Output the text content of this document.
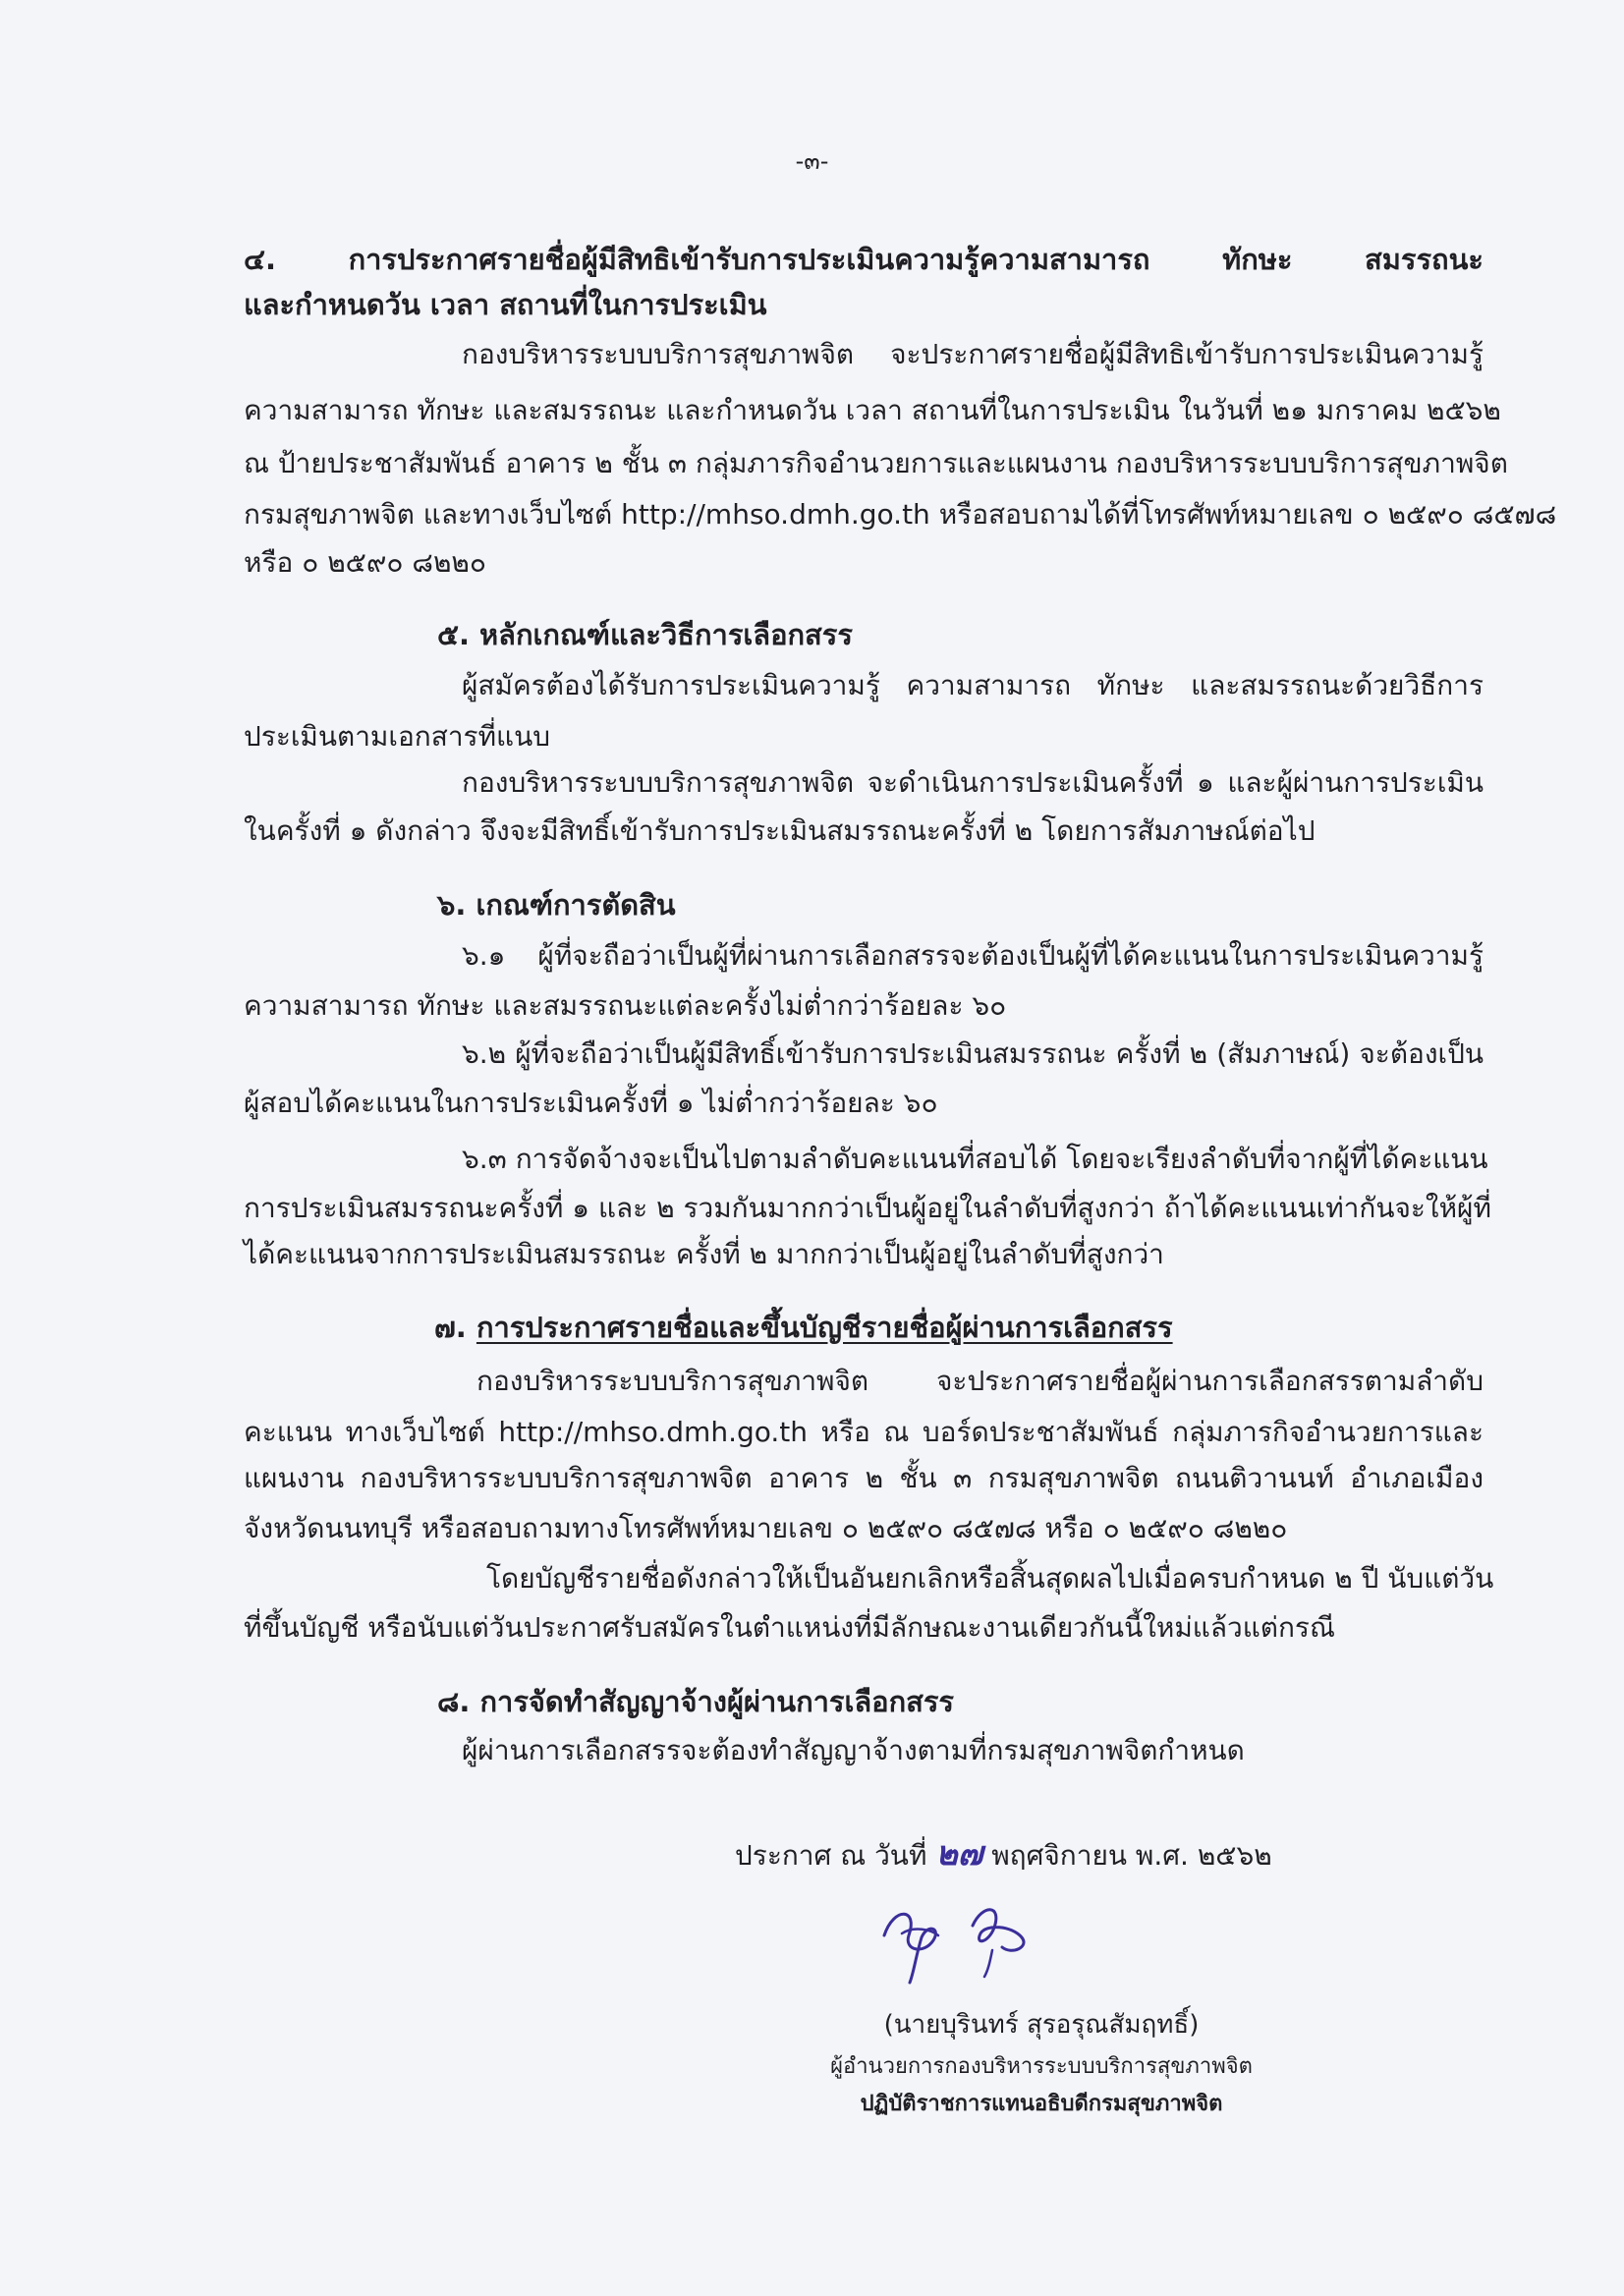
-๓-
๔. การประกาศรายชื่อผู้มีสิทธิเข้ารับการประเมินความรู้ความสามารถ ทักษะ สมรรถนะ
และกำหนดวัน เวลา สถานที่ในการประเมิน
กองบริหารระบบบริการสุขภาพจิต จะประกาศรายชื่อผู้มีสิทธิเข้ารับการประเมินความรู้
ความสามารถ ทักษะ และสมรรถนะ และกำหนดวัน เวลา สถานที่ในการประเมิน ในวันที่ ๒๑ มกราคม ๒๕๖๒
ณ ป้ายประชาสัมพันธ์ อาคาร ๒ ชั้น ๓ กลุ่มภารกิจอำนวยการและแผนงาน กองบริหารระบบบริการสุขภาพจิต
กรมสุขภาพจิต และทางเว็บไซต์ http://mhso.dmh.go.th หรือสอบถามได้ที่โทรศัพท์หมายเลข ๐ ๒๕๙๐ ๘๕๗๘
หรือ ๐ ๒๕๙๐ ๘๒๒๐
๕. หลักเกณฑ์และวิธีการเลือกสรร
ผู้สมัครต้องได้รับการประเมินความรู้ ความสามารถ ทักษะ และสมรรถนะด้วยวิธีการ
ประเมินตามเอกสารที่แนบ
กองบริหารระบบบริการสุขภาพจิต จะดำเนินการประเมินครั้งที่ ๑ และผู้ผ่านการประเมิน
ในครั้งที่ ๑ ดังกล่าว จึงจะมีสิทธิ์เข้ารับการประเมินสมรรถนะครั้งที่ ๒ โดยการสัมภาษณ์ต่อไป
๖. เกณฑ์การตัดสิน
๖.๑ ผู้ที่จะถือว่าเป็นผู้ที่ผ่านการเลือกสรรจะต้องเป็นผู้ที่ได้คะแนนในการประเมินความรู้
ความสามารถ ทักษะ และสมรรถนะแต่ละครั้งไม่ต่ำกว่าร้อยละ ๖๐
๖.๒ ผู้ที่จะถือว่าเป็นผู้มีสิทธิ์เข้ารับการประเมินสมรรถนะ ครั้งที่ ๒ (สัมภาษณ์) จะต้องเป็น
ผู้สอบได้คะแนนในการประเมินครั้งที่ ๑ ไม่ต่ำกว่าร้อยละ ๖๐
๖.๓ การจัดจ้างจะเป็นไปตามลำดับคะแนนที่สอบได้ โดยจะเรียงลำดับที่จากผู้ที่ได้คะแนน
การประเมินสมรรถนะครั้งที่ ๑ และ ๒ รวมกันมากกว่าเป็นผู้อยู่ในลำดับที่สูงกว่า ถ้าได้คะแนนเท่ากันจะให้ผู้ที่
ได้คะแนนจากการประเมินสมรรถนะ ครั้งที่ ๒ มากกว่าเป็นผู้อยู่ในลำดับที่สูงกว่า
๗. การประกาศรายชื่อและขึ้นบัญชีรายชื่อผู้ผ่านการเลือกสรร
กองบริหารระบบบริการสุขภาพจิต จะประกาศรายชื่อผู้ผ่านการเลือกสรรตามลำดับ
คะแนน ทางเว็บไซต์ http://mhso.dmh.go.th หรือ ณ บอร์ดประชาสัมพันธ์ กลุ่มภารกิจอำนวยการและ
แผนงาน กองบริหารระบบบริการสุขภาพจิต อาคาร ๒ ชั้น ๓ กรมสุขภาพจิต ถนนติวานนท์ อำเภอเมือง
จังหวัดนนทบุรี หรือสอบถามทางโทรศัพท์หมายเลข ๐ ๒๕๙๐ ๘๕๗๘ หรือ ๐ ๒๕๙๐ ๘๒๒๐
โดยบัญชีรายชื่อดังกล่าวให้เป็นอันยกเลิกหรือสิ้นสุดผลไปเมื่อครบกำหนด ๒ ปี นับแต่วัน
ที่ขึ้นบัญชี หรือนับแต่วันประกาศรับสมัครในตำแหน่งที่มีลักษณะงานเดียวกันนี้ใหม่แล้วแต่กรณี
๘. การจัดทำสัญญาจ้างผู้ผ่านการเลือกสรร
ผู้ผ่านการเลือกสรรจะต้องทำสัญญาจ้างตามที่กรมสุขภาพจิตกำหนด
ประกาศ ณ วันที่ ๒๗ พฤศจิกายน พ.ศ. ๒๕๖๒
(นายบุรินทร์ สุรอรุณสัมฤทธิ์)
ผู้อำนวยการกองบริหารระบบบริการสุขภาพจิต
ปฏิบัติราชการแทนอธิบดีกรมสุขภาพจิต
